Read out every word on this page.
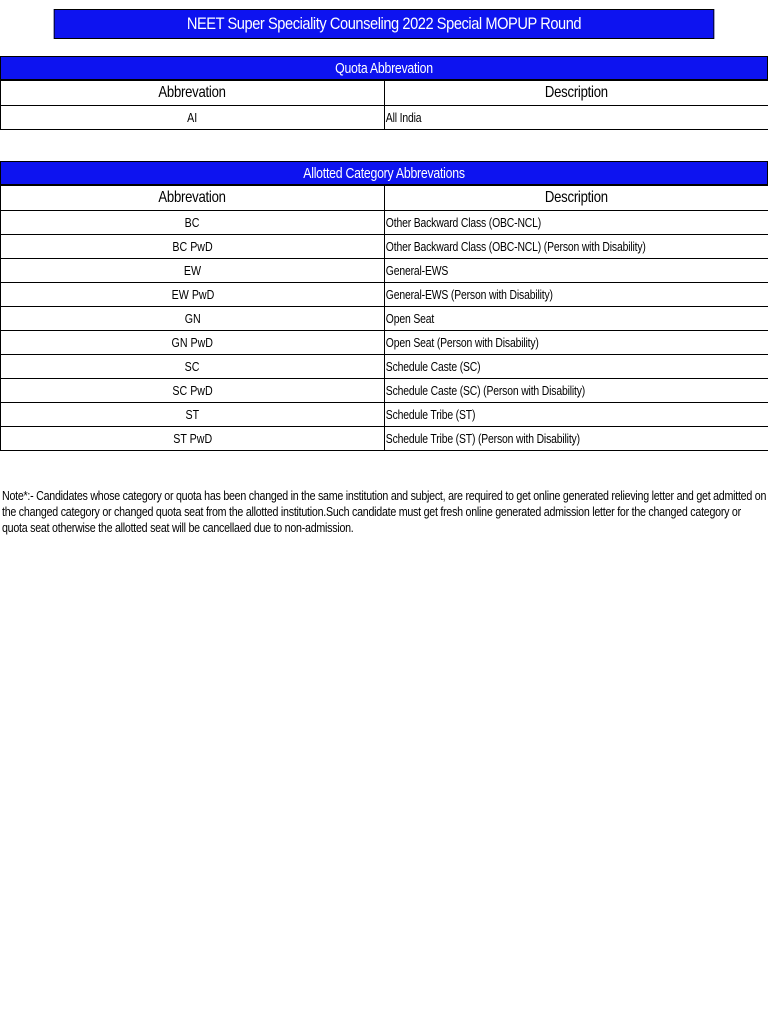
NEET Super Speciality Counseling 2022 Special MOPUP Round
Quota Abbrevation
Abbrevation	Description
AI	All India
Allotted Category Abbrevations
Abbrevation	Description
BC	Other Backward Class (OBC-NCL)
BC PwD	Other Backward Class (OBC-NCL) (Person with Disability)
EW	General-EWS
EW PwD	General-EWS (Person with Disability)
GN	Open Seat
GN PwD	Open Seat (Person with Disability)
SC	Schedule Caste (SC)
SC PwD	Schedule Caste (SC) (Person with Disability)
ST	Schedule Tribe (ST)
ST PwD	Schedule Tribe (ST) (Person with Disability)
Note*:- Candidates whose category or quota has been changed in the same institution and subject, are required to get online generated relieving letter and get admitted on the changed category or changed quota seat from the allotted institution.Such candidate must get fresh online generated admission letter for the changed category or quota seat otherwise the allotted seat will be cancellaed due to non-admission.
